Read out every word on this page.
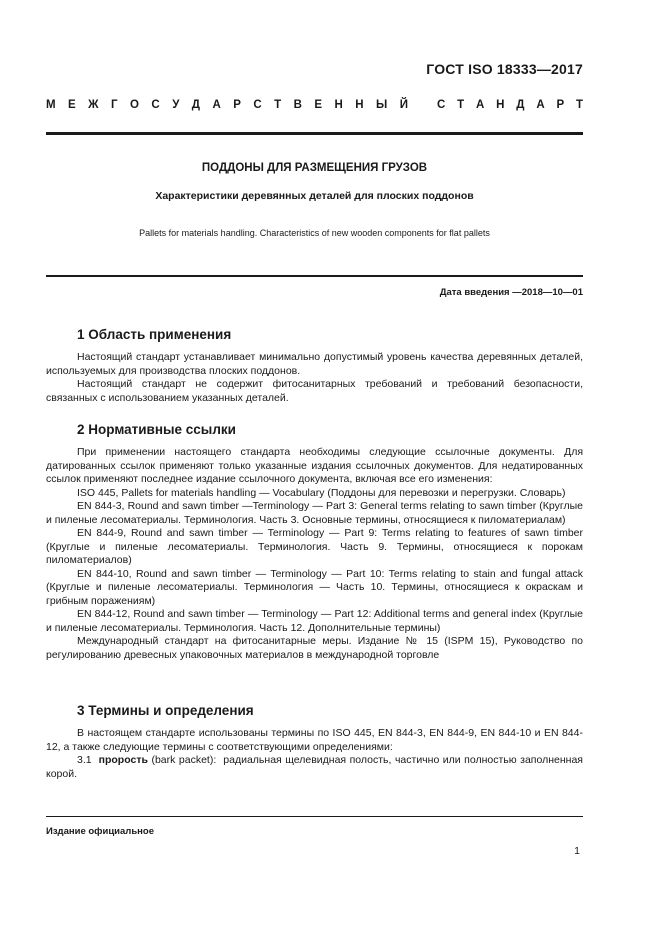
ГОСТ ISO 18333—2017
М Е Ж Г О С У Д А Р С Т В Е Н Н Ы Й	С Т А Н Д А Р Т
ПОДДОНЫ ДЛЯ РАЗМЕЩЕНИЯ ГРУЗОВ
Характеристики деревянных деталей для плоских поддонов
Pallets for materials handling. Characteristics of new wooden components for flat pallets
Дата введения —2018—10—01
1 Область применения

Настоящий стандарт устанавливает минимально допустимый уровень качества деревянных деталей, используемых для производства плоских поддонов.

Настоящий стандарт не содержит фитосанитарных требований и требований безопасности, связанных с использованием указанных деталей.

2 Нормативные ссылки

При применении настоящего стандарта необходимы следующие ссылочные документы. Для датированных ссылок применяют только указанные издания ссылочных документов. Для недатированных ссылок применяют последнее издание ссылочного документа, включая все его изменения:

ISO 445, Pallets for materials handling — Vocabulary (Поддоны для перевозки и перегрузки. Словарь)

EN 844-3, Round and sawn timber —Terminology — Part 3: General terms relating to sawn timber (Круглые и пиленые лесоматериалы. Терминология. Часть 3. Основные термины, относящиеся к пиломатериалам)

EN 844-9, Round and sawn timber — Terminology — Part 9: Terms relating to features of sawn timber (Круглые и пиленые лесоматериалы. Терминология. Часть 9. Термины, относящиеся к порокам пиломатериалов)

EN 844-10, Round and sawn timber — Terminology — Part 10: Terms relating to stain and fungal attack (Круглые и пиленые лесоматериалы. Терминология — Часть 10. Термины, относящиеся к окраскам и грибным поражениям)

EN 844-12, Round and sawn timber — Terminology — Part 12: Additional terms and general index (Круглые и пиленые лесоматериалы. Терминология. Часть 12. Дополнительные термины)

Международный стандарт на фитосанитарные меры. Издание № 15 (ISPM 15), Руководство по регулированию древесных упаковочных материалов в международной торговле

3 Термины и определения

В настоящем стандарте использованы термины по ISO 445, EN 844-3, EN 844-9, EN 844-10 и EN 844-12, а также следующие термины с соответствующими определениями:

3.1 прорость (bark packet): радиальная щелевидная полость, частично или полностью заполненная корой.

Издание официальное
1
